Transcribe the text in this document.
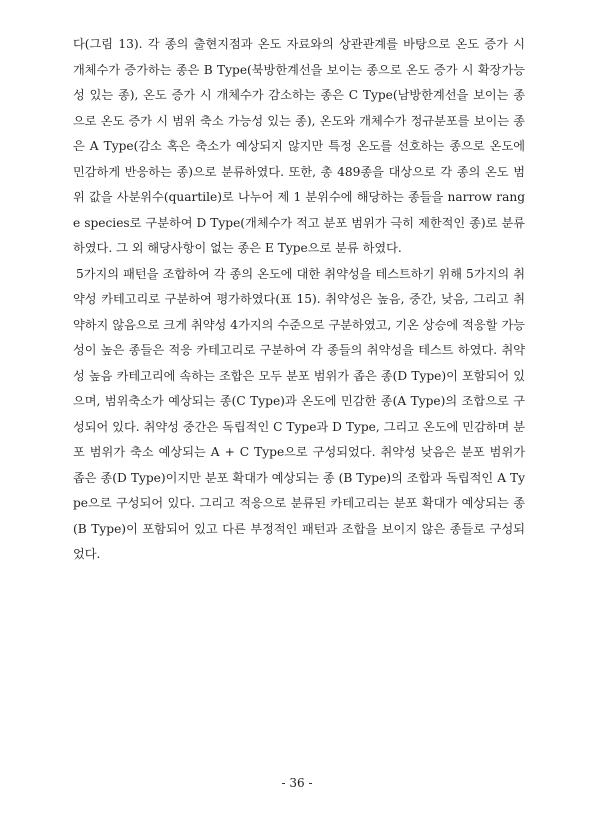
다(그림 13). 각 종의 출현지점과 온도 자료와의 상관관계를 바탕으로 온도 증가 시 개체수가 증가하는 종은 B Type(북방한계선을 보이는 종으로 온도 증가 시 확장가능성 있는 종), 온도 증가 시 개체수가 감소하는 종은 C Type(남방한계선을 보이는 종으로 온도 증가 시 범위 축소 가능성 있는 종), 온도와 개체수가 정규분포를 보이는 종은 A Type(감소 혹은 축소가 예상되지 않지만 특정 온도를 선호하는 종으로 온도에 민감하게 반응하는 종)으로 분류하였다. 또한, 총 489종을 대상으로 각 종의 온도 범위 값을 사분위수(quartile)로 나누어 제 1 분위수에 해당하는 종들을 narrow range species로 구분하여 D Type(개체수가 적고 분포 범위가 극히 제한적인 종)로 분류하였다. 그 외 해당사항이 없는 종은 E Type으로 분류 하였다.

5가지의 패턴을 조합하여 각 종의 온도에 대한 취약성을 테스트하기 위해 5가지의 취약성 카테고리로 구분하여 평가하였다(표 15). 취약성은 높음, 중간, 낮음, 그리고 취약하지 않음으로 크게 취약성 4가지의 수준으로 구분하였고, 기온 상승에 적응할 가능성이 높은 종들은 적응 카테고리로 구분하여 각 종들의 취약성을 테스트 하였다. 취약성 높음 카테고리에 속하는 조합은 모두 분포 범위가 좁은 종(D Type)이 포함되어 있으며, 범위축소가 예상되는 종(C Type)과 온도에 민감한 종(A Type)의 조합으로 구성되어 있다. 취약성 중간은 독립적인 C Type과 D Type, 그리고 온도에 민감하며 분포 범위가 축소 예상되는 A + C Type으로 구성되었다. 취약성 낮음은 분포 범위가 좁은 종(D Type)이지만 분포 확대가 예상되는 종 (B Type)의 조합과 독립적인 A Type으로 구성되어 있다. 그리고 적응으로 분류된 카테고리는 분포 확대가 예상되는 종(B Type)이 포함되어 있고 다른 부정적인 패턴과 조합을 보이지 않은 종들로 구성되었다.

- 36 -
